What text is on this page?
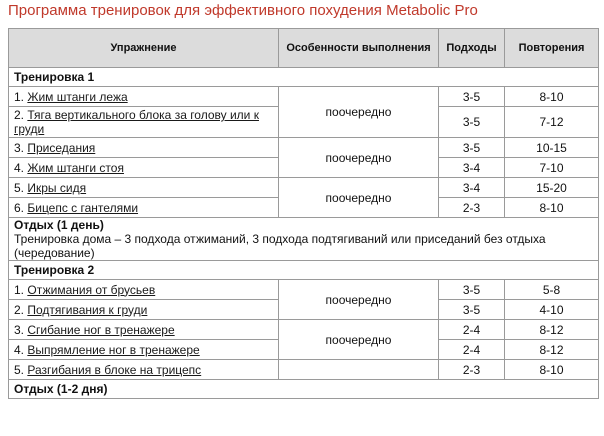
Программа тренировок для эффективного похудения Metabolic Pro
Упражнение	Особенности выполнения	Подходы	Повторения
Тренировка 1			
1. Жим штанги лежа	поочередно	3-5	8-10
2. Тяга вертикального блока за голову или к груди		3-5	7-12
3. Приседания	поочередно	3-5	10-15
4. Жим штанги стоя		3-4	7-10
5. Икры сидя	поочередно	3-4	15-20
6. Бицепс с гантелями		2-3	8-10

Отдых (1 день)
Тренировка дома – 3 подхода отжиманий, 3 подхода подтягиваний или приседаний без отдыха (чередование)			

Тренировка 2			
1. Отжимания от брусьев	поочередно	3-5	5-8
2. Подтягивания к груди		3-5	4-10
3. Сгибание ног в тренажере	поочередно	2-4	8-12
4. Выпрямление ног в тренажере		2-4	8-12
5. Разгибания в блоке на трицепс		2-3	8-10
Отдых (1-2 дня)			
